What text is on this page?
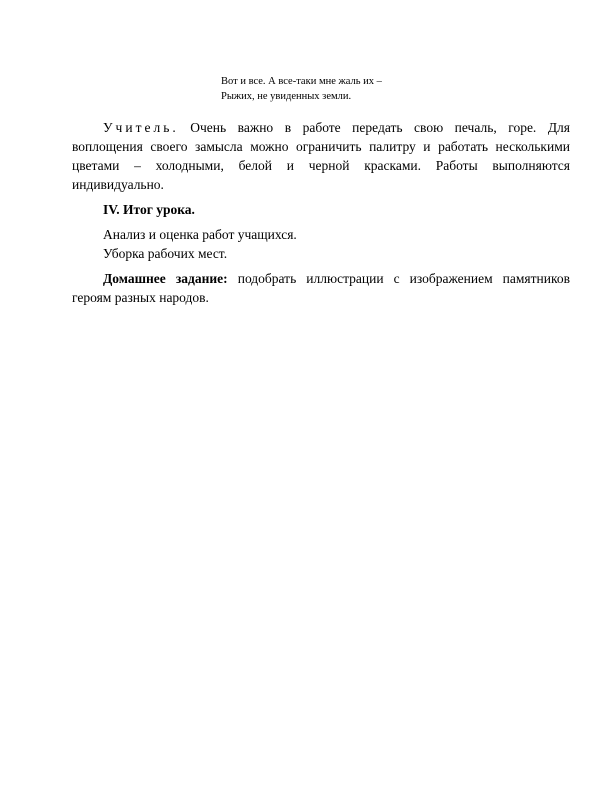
Вот и все. А все-таки мне жаль их –
Рыжих, не увиденных земли.

Учитель. Очень важно в работе передать свою печаль, горе. Для воплощения своего замысла можно ограничить палитру и работать несколькими цветами – холодными, белой и черной красками. Работы выполняются индивидуально.

IV. Итог урока.

Анализ и оценка работ учащихся.

Уборка рабочих мест.

Домашнее задание: подобрать иллюстрации с изображением памятников героям разных народов.
